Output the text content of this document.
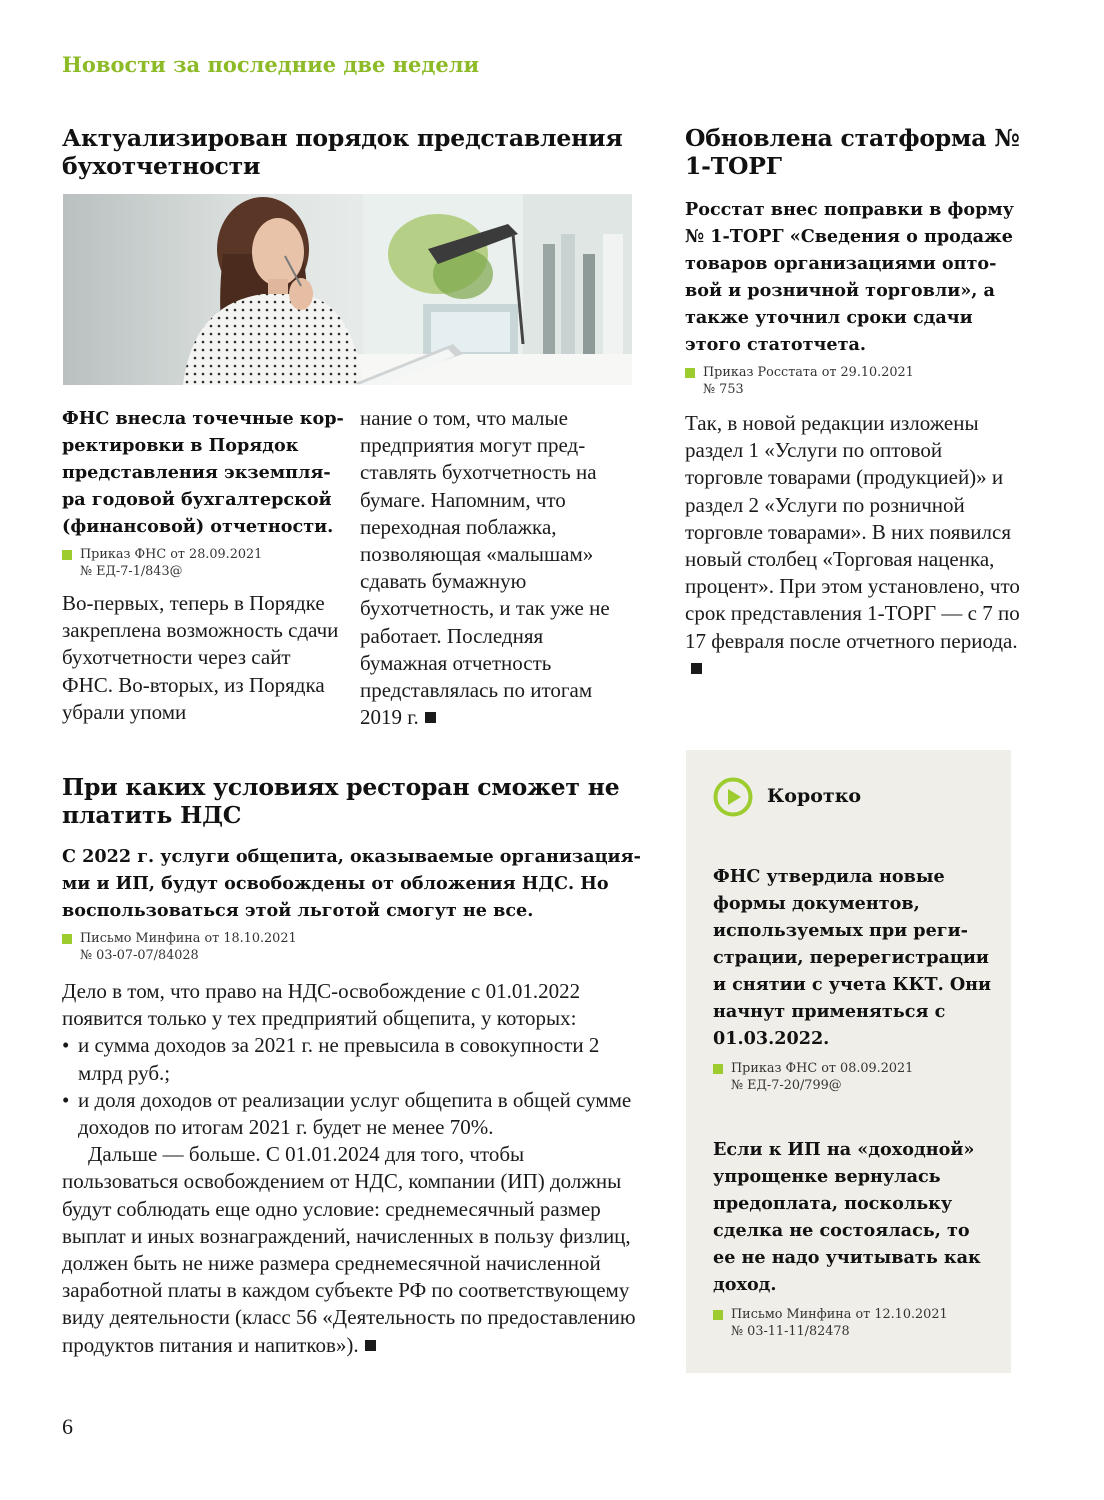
Новости за последние две недели
Актуализирован порядок представления бухотчетности

ФНС внесла точечные корректировки в Порядок представления экземпляра годовой бухгалтерской (финансовой) отчетности.

Приказ ФНС от 28.09.2021
№ ЕД-7-1/843@

Во-первых, теперь в Порядке закреплена возможность сдачи бухотчетности через сайт ФНС. Во-вторых, из Порядка убрали упоми

нание о том, что малые предприятия могут представлять бухотчетность на бумаге. Напомним, что переходная поблажка, позволяющая «малышам» сдавать бумажную бухотчетность, и так уже не работает. Последняя бумажная отчетность представлялась по итогам 2019 г.

Обновлена статформа № 1-ТОРГ

Росстат внес поправки в форму № 1-ТОРГ «Сведения о продаже товаров организациями оптовой и розничной торговли», а также уточнил сроки сдачи этого статотчета.

Приказ Росстата от 29.10.2021
№ 753

Так, в новой редакции изложены раздел 1 «Услуги по оптовой торговле товарами (продукцией)» и раздел 2 «Услуги по розничной торговле товарами». В них появился новый столбец «Торговая наценка, процент». При этом установлено, что срок представления 1-ТОРГ — с 7 по 17 февраля после отчетного периода.

При каких условиях ресторан сможет не платить НДС

С 2022 г. услуги общепита, оказываемые организациями и ИП, будут освобождены от обложения НДС. Но воспользоваться этой льготой смогут не все.

Письмо Минфина от 18.10.2021
№ 03-07-07/84028

Дело в том, что право на НДС-освобождение с 01.01.2022 появится только у тех предприятий общепита, у которых:

• и сумма доходов за 2021 г. не превысила в совокупности 2 млрд руб.;
• и доля доходов от реализации услуг общепита в общей сумме доходов по итогам 2021 г. будет не менее 70%.

Дальше — больше. С 01.01.2024 для того, чтобы пользоваться освобождением от НДС, компании (ИП) должны будут соблюдать еще одно условие: среднемесячный размер выплат и иных вознаграждений, начисленных в пользу физлиц, должен быть не ниже размера среднемесячной начисленной заработной платы в каждом субъекте РФ по соответствующему виду деятельности (класс 56 «Деятельность по предоставлению продуктов питания и напитков»).

Коротко

ФНС утвердила новые формы документов, используемых при регистрации, перерегистрации и снятии с учета ККТ. Они начнут применяться с 01.03.2022.

Приказ ФНС от 08.09.2021
№ ЕД-7-20/799@

Если к ИП на «доходной» упрощенке вернулась предоплата, поскольку сделка не состоялась, то ее не надо учитывать как доход.

Письмо Минфина от 12.10.2021
№ 03-11-11/82478
6
